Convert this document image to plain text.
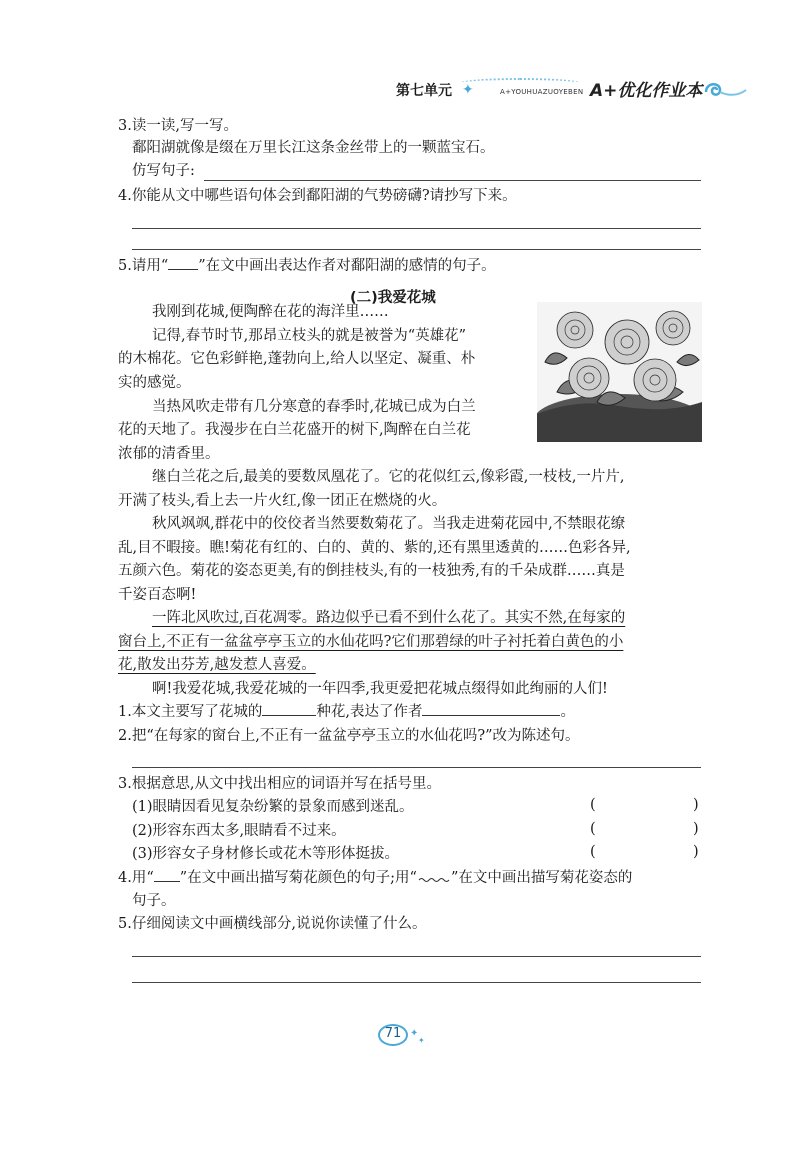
第七单元 ✦	A+YOUHUAZUOYEBEN A+优化作业本
3.读一读,写一写。
鄱阳湖就像是缀在万里长江这条金丝带上的一颗蓝宝石。
仿写句子:
4.你能从文中哪些语句体会到鄱阳湖的气势磅礴?请抄写下来。
5.请用“ ”在文中画出表达作者对鄱阳湖的感情的句子。
(二)我爱花城
我刚到花城,便陶醉在花的海洋里……
记得,春节时节,那昂立枝头的就是被誉为“英雄花”
的木棉花。它色彩鲜艳,蓬勃向上,给人以坚定、凝重、朴
实的感觉。
当热风吹走带有几分寒意的春季时,花城已成为白兰
花的天地了。我漫步在白兰花盛开的树下,陶醉在白兰花
浓郁的清香里。
继白兰花之后,最美的要数凤凰花了。它的花似红云,像彩霞,一枝枝,一片片,
开满了枝头,看上去一片火红,像一团正在燃烧的火。
秋风飒飒,群花中的佼佼者当然要数菊花了。当我走进菊花园中,不禁眼花缭
乱,目不暇接。瞧!菊花有红的、白的、黄的、紫的,还有黑里透黄的……色彩各异,
五颜六色。菊花的姿态更美,有的倒挂枝头,有的一枝独秀,有的千朵成群……真是
千姿百态啊!
一阵北风吹过,百花凋零。路边似乎已看不到什么花了。其实不然,在每家的
窗台上,不正有一盆盆亭亭玉立的水仙花吗?它们那碧绿的叶子衬托着白黄色的小
花,散发出芬芳,越发惹人喜爱。
啊!我爱花城,我爱花城的一年四季,我更爱把花城点缀得如此绚丽的人们!
1.本文主要写了花城的	种花,表达了作者	。
2.把“在每家的窗台上,不正有一盆盆亭亭玉立的水仙花吗?”改为陈述句。
3.根据意思,从文中找出相应的词语并写在括号里。
(1)眼睛因看见复杂纷繁的景象而感到迷乱。	(	)
(2)形容东西太多,眼睛看不过来。	(	)
(3)形容女子身材修长或花木等形体挺拔。	(	)
4.用“ ”在文中画出描写菊花颜色的句子;用“ ”在文中画出描写菊花姿态的
句子。
5.仔细阅读文中画横线部分,说说你读懂了什么。
71 ✦
✦
